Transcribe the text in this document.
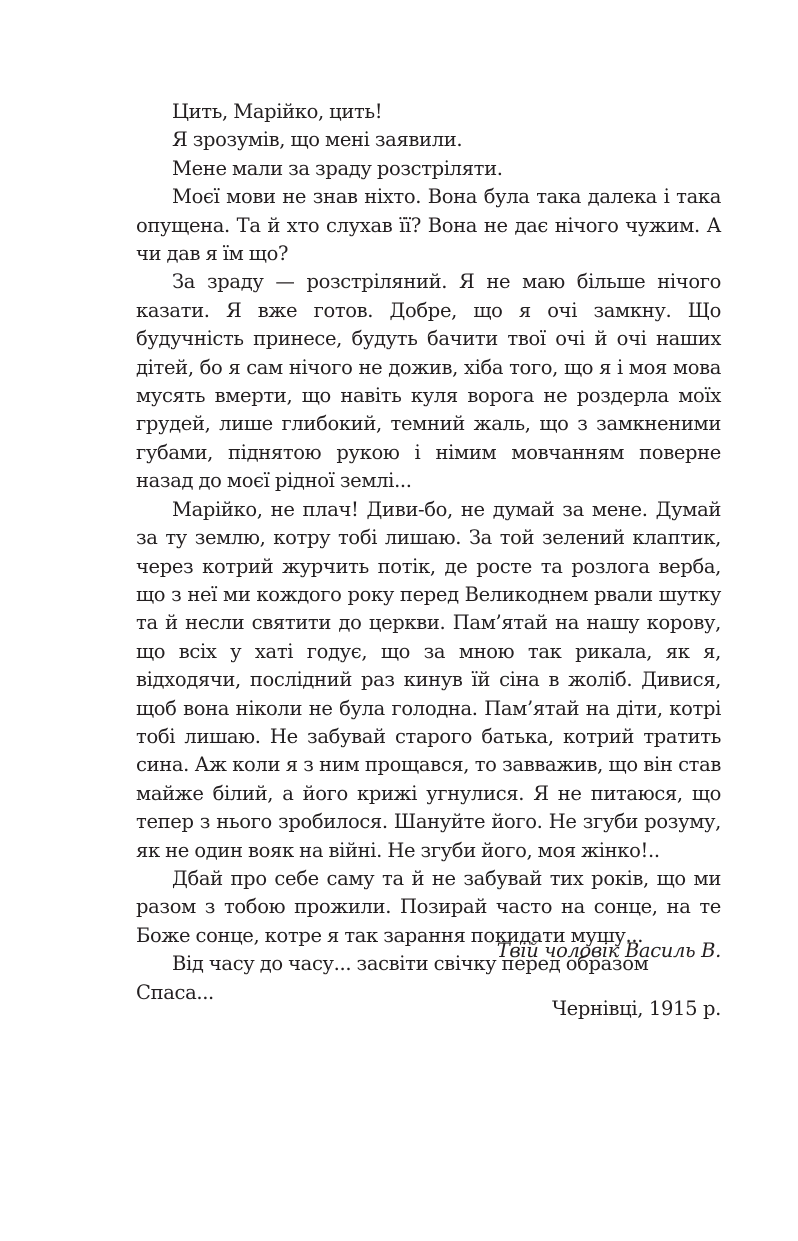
Цить, Марійко, цить!

Я зрозумів, що мені заявили.

Мене мали за зраду розстріляти.

Моєї мови не знав ніхто. Вона була така далека і така опущена. Та й хто слухав її? Вона не дає нічого чужим. А чи дав я їм що?

За зраду — розстріляний. Я не маю більше нічого казати. Я вже готов. Добре, що я очі замкну. Що будучність принесе, будуть бачити твої очі й очі наших дітей, бо я сам нічого не дожив, хіба того, що я і моя мова мусять вмерти, що навіть куля ворога не роздерла моїх грудей, лише глибокий, темний жаль, що з замкненими губами, піднятою рукою і німим мовчанням поверне назад до моєї рідної землі...

Марійко, не плач! Диви-бо, не думай за мене. Думай за ту землю, котру тобі лишаю. За той зелений клаптик, через котрий журчить потік, де росте та розлога верба, що з неї ми кождого року перед Великоднем рвали шутку та й несли святити до церкви. Пам’ятай на нашу корову, що всіх у хаті годує, що за мною так рикала, як я, відходячи, послідний раз кинув їй сіна в жоліб. Дивися, щоб вона ніколи не була голодна. Пам’ятай на діти, котрі тобі лишаю. Не забувай старого батька, котрий тратить сина. Аж коли я з ним прощався, то завважив, що він став майже білий, а його крижі угнулися. Я не питаюся, що тепер з нього зробилося. Шануйте його. Не згуби розуму, як не один вояк на війні. Не згуби його, моя жінко!..

Дбай про себе саму та й не забувай тих років, що ми разом з тобою прожили. Позирай часто на сонце, на те Боже сонце, котре я так зарання покидати мушу...

Від часу до часу... засвіти свічку перед образом Спаса...

Твій чоловік Василь В.
Чернівці, 1915 р.
